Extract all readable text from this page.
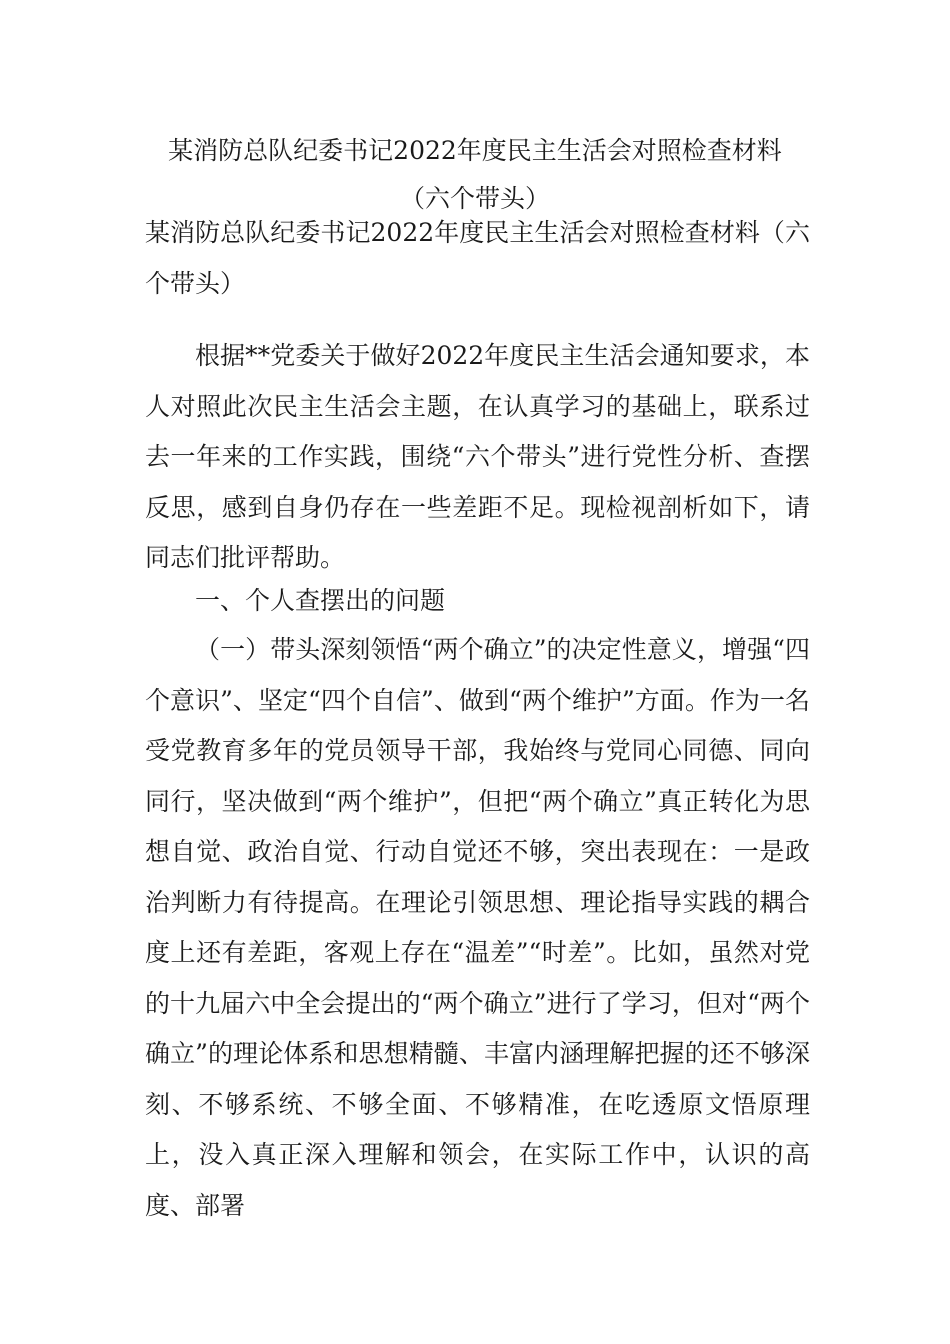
某消防总队纪委书记2022年度民主生活会对照检查材料
（六个带头）
某消防总队纪委书记2022年度民主生活会对照检查材料（六个带头）
根据**党委关于做好2022年度民主生活会通知要求，本人对照此次民主生活会主题，在认真学习的基础上，联系过去一年来的工作实践，围绕“六个带头”进行党性分析、查摆反思，感到自身仍存在一些差距不足。现检视剖析如下，请同志们批评帮助。
一、个人查摆出的问题
（一）带头深刻领悟“两个确立”的决定性意义，增强“四个意识”、坚定“四个自信”、做到“两个维护”方面。作为一名受党教育多年的党员领导干部，我始终与党同心同德、同向同行，坚决做到“两个维护”，但把“两个确立”真正转化为思想自觉、政治自觉、行动自觉还不够，突出表现在：一是政治判断力有待提高。在理论引领思想、理论指导实践的耦合度上还有差距，客观上存在“温差”“时差”。比如，虽然对党的十九届六中全会提出的“两个确立”进行了学习，但对“两个确立”的理论体系和思想精髓、丰富内涵理解把握的还不够深刻、不够系统、不够全面、不够精准，在吃透原文悟原理上，没入真正深入理解和领会，在实际工作中，认识的高度、部署
